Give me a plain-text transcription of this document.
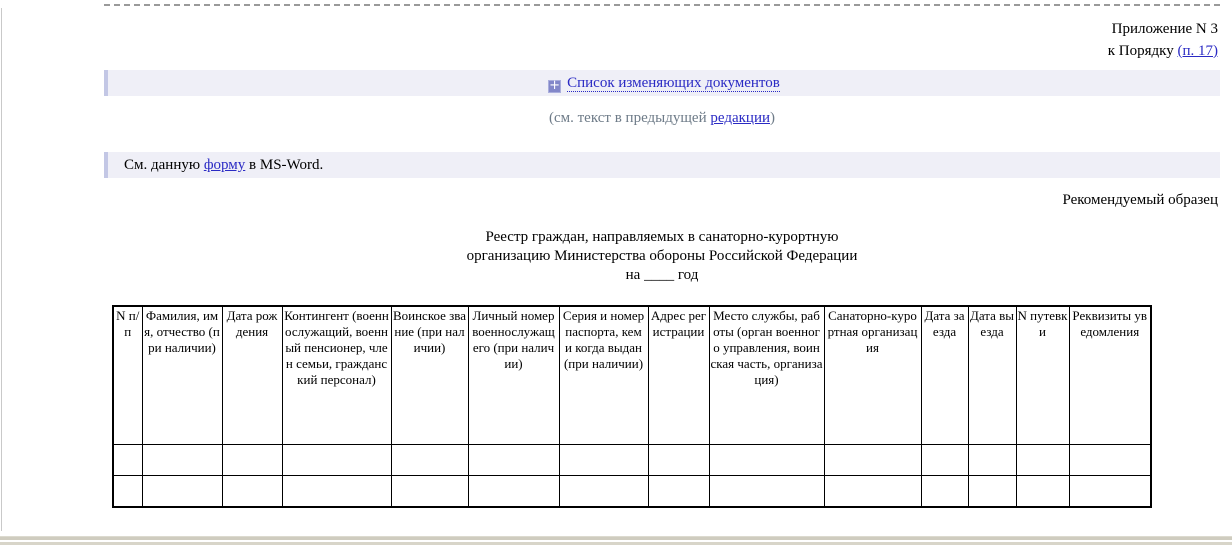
Приложение N 3
к Порядку (п. 17)
+ Список изменяющих документов
(см. текст в предыдущей редакции)
См. данную форму в MS-Word.
Рекомендуемый образец
Реестр граждан, направляемых в санаторно-курортную
организацию Министерства обороны Российской Федерации
на ____ год
N п/п	Фамилия, имя, отчество (при наличии)	Дата рождения	Контингент (военнослужащий, военный пенсионер, член семьи, гражданский персонал)	Воинское звание (при наличии)	Личный номер военнослужащего (при наличии)	Серия и номер паспорта, кем и когда выдан (при наличии)	Адрес регистрации	Место службы, работы (орган военного управления, воинская часть, организация)	Санаторно-курортная организация	Дата заезда	Дата выезда	N путевки	Реквизиты уведомления
